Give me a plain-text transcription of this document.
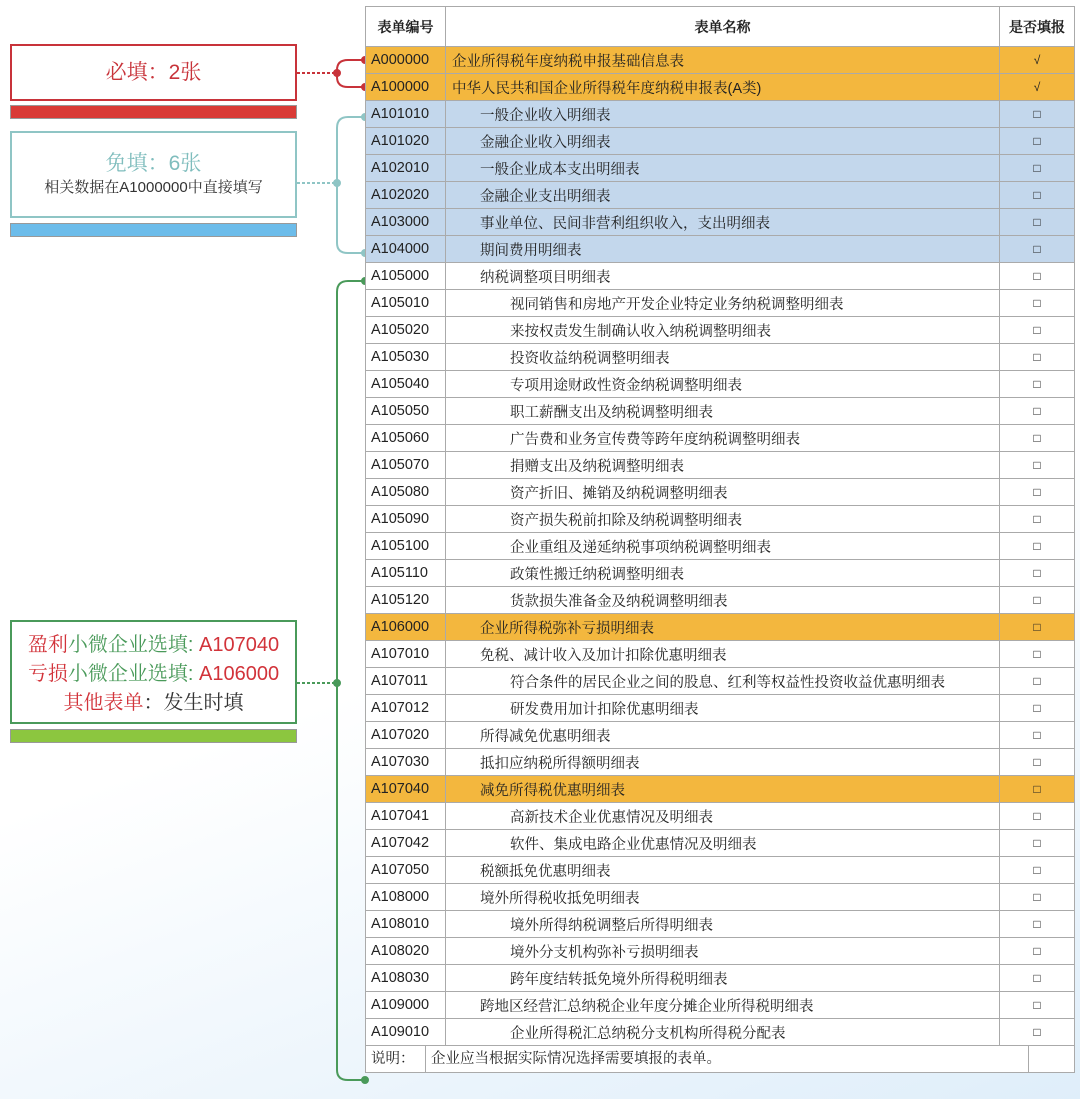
必填：2张
免填：6张
相关数据在A1000000中直接填写
盈利小微企业选填: A107040
亏损小微企业选填: A106000
其他表单：发生时填
表单编号	表单名称	是否填报
A000000	企业所得税年度纳税申报基础信息表	√
A100000	中华人民共和国企业所得税年度纳税申报表(A类)	√
A101010	一般企业收入明细表	□
A101020	金融企业收入明细表	□
A102010	一般企业成本支出明细表	□
A102020	金融企业支出明细表	□
A103000	事业单位、民间非营利组织收入，支出明细表	□
A104000	期间费用明细表	□
A105000	纳税调整项目明细表	□
A105010	视同销售和房地产开发企业特定业务纳税调整明细表	□
A105020	来按权责发生制确认收入纳税调整明细表	□
A105030	投资收益纳税调整明细表	□
A105040	专项用途财政性资金纳税调整明细表	□
A105050	职工薪酬支出及纳税调整明细表	□
A105060	广告费和业务宣传费等跨年度纳税调整明细表	□
A105070	捐赠支出及纳税调整明细表	□
A105080	资产折旧、摊销及纳税调整明细表	□
A105090	资产损失税前扣除及纳税调整明细表	□
A105100	企业重组及递延纳税事项纳税调整明细表	□
A105110	政策性搬迁纳税调整明细表	□
A105120	货款损失准备金及纳税调整明细表	□
A106000	企业所得税弥补亏损明细表	□
A107010	免税、减计收入及加计扣除优惠明细表	□
A107011	符合条件的居民企业之间的股息、红利等权益性投资收益优惠明细表	□
A107012	研发费用加计扣除优惠明细表	□
A107020	所得减免优惠明细表	□
A107030	抵扣应纳税所得额明细表	□
A107040	减免所得税优惠明细表	□
A107041	高新技术企业优惠情况及明细表	□
A107042	软件、集成电路企业优惠情况及明细表	□
A107050	税额抵免优惠明细表	□
A108000	境外所得税收抵免明细表	□
A108010	境外所得纳税调整后所得明细表	□
A108020	境外分支机构弥补亏损明细表	□
A108030	跨年度结转抵免境外所得税明细表	□
A109000	跨地区经营汇总纳税企业年度分摊企业所得税明细表	□
A109010	企业所得税汇总纳税分支机构所得税分配表	□

说明： 企业应当根据实际情况选择需要填报的表单。		
